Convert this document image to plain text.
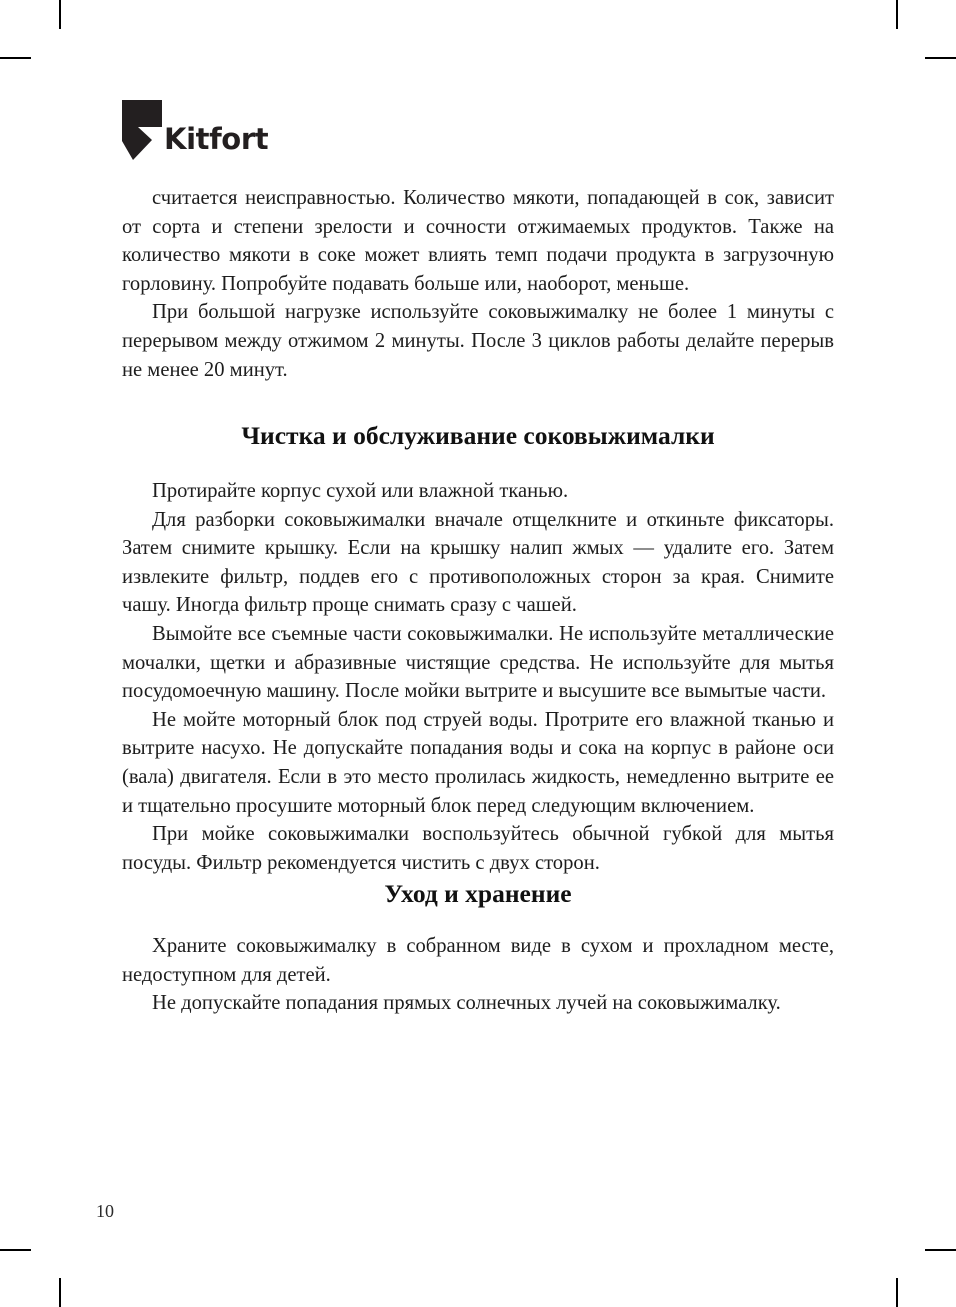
Kitfort

считается неисправностью. Количество мякоти, попадающей в сок, зависит от сорта и степени зрелости и сочности отжимаемых продуктов. Также на количество мякоти в соке может влиять темп подачи продукта в загрузочную горловину. Попробуйте подавать больше или, наоборот, меньше.

При большой нагрузке используйте соковыжималку не более 1 минуты с перерывом между отжимом 2 минуты. После 3 циклов работы делайте перерыв не менее 20 минут.

Чистка и обслуживание соковыжималки

Протирайте корпус сухой или влажной тканью.

Для разборки соковыжималки вначале отщелкните и откиньте фиксаторы. Затем снимите крышку. Если на крышку налип жмых — удалите его. Затем извлеките фильтр, поддев его с противоположных сторон за края. Снимите чашу. Иногда фильтр проще снимать сразу с чашей.

Вымойте все съемные части соковыжималки. Не используйте металлические мочалки, щетки и абразивные чистящие средства. Не используйте для мытья посудомоечную машину. После мойки вытрите и высушите все вымытые части.

Не мойте моторный блок под струей воды. Протрите его влажной тканью и вытрите насухо. Не допускайте попадания воды и сока на корпус в районе оси (вала) двигателя. Если в это место пролилась жидкость, немедленно вытрите ее и тщательно просушите моторный блок перед следующим включением.

При мойке соковыжималки воспользуйтесь обычной губкой для мытья посуды. Фильтр рекомендуется чистить с двух сторон.

Уход и хранение

Храните соковыжималку в собранном виде в сухом и прохладном месте, недоступном для детей.

Не допускайте попадания прямых солнечных лучей на соковыжималку.

10
